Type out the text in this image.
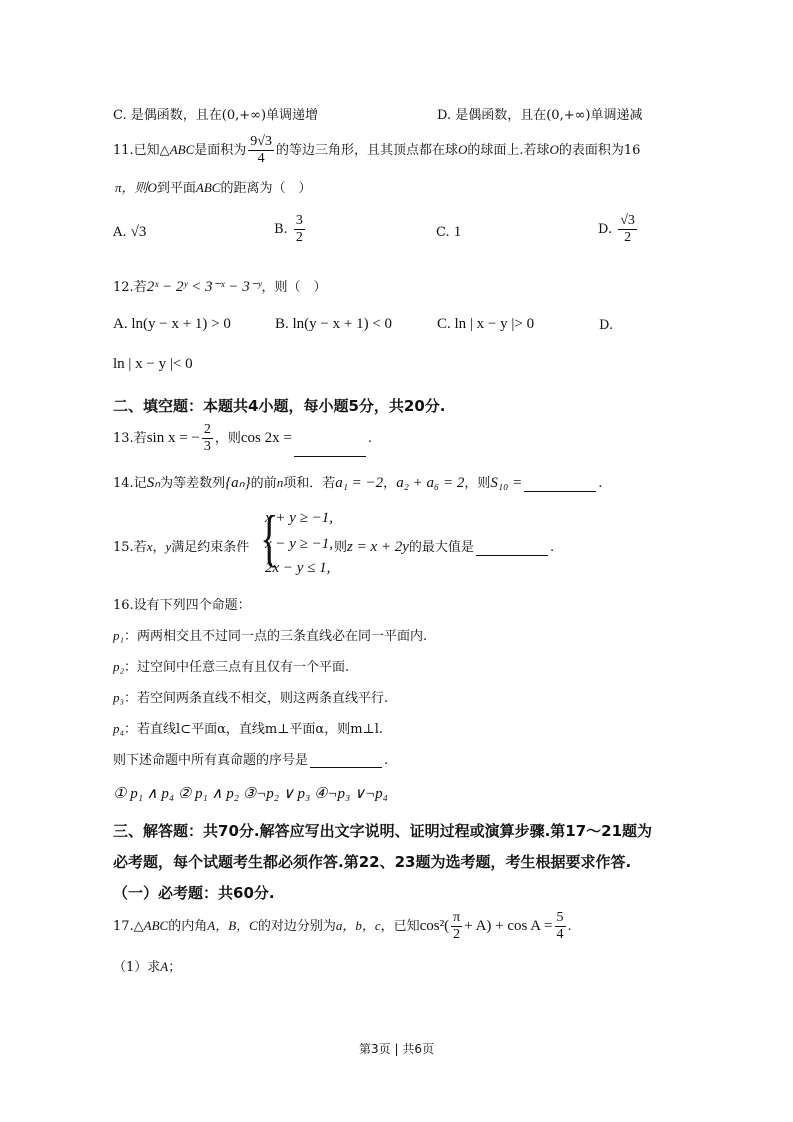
C. 是偶函数，且在(0,+∞)单调递增	D. 是偶函数，且在(0,+∞)单调递减
11.已知△ABC是面积为 $\frac{9√3}{4}$ 的等边三角形，且其顶点都在球O的球面上.若球O的表面积为16
π，则O到平面ABC的距离为（　）
A. √3	B. $\frac{3}{2}$	C. 1	D. $\frac{√3}{2}$
12.若2ˣ − 2ʸ < 3⁻ˣ − 3⁻ʸ，则（　）
A. ln(y − x + 1) > 0	B. ln(y − x + 1) < 0	C. ln | x − y |> 0	D.
ln | x − y |< 0
二、填空题：本题共4小题，每小题5分，共20分.
13.若sin x = − $\frac{2}{3}$ ，则cos 2x =	.
14.记Sₙ为等差数列{aₙ}的前n项和．若a₁ = −2，a₂ + a₆ = 2，则S₁₀ =	.
15.若x，y满足约束条件 {
x + y ≥ −1,
x − y ≥ −1,
2x − y ≤ 1,
则z = x + 2y的最大值是	.
16.设有下列四个命题：
p₁：两两相交且不过同一点的三条直线必在同一平面内.
p₂：过空间中任意三点有且仅有一个平面.
p₃：若空间两条直线不相交，则这两条直线平行.
p₄：若直线l⊂平面α，直线m⊥平面α，则m⊥l.
则下述命题中所有真命题的序号是	.
① p₁ ∧ p₄ ② p₁ ∧ p₂ ③¬p₂ ∨ p₃ ④¬p₃ ∨¬p₄
三、解答题：共70分.解答应写出文字说明、证明过程或演算步骤.第17～21题为
必考题，每个试题考生都必须作答.第22、23题为选考题，考生根据要求作答.
（一）必考题：共60分.
17.△ABC的内角A，B，C的对边分别为a，b，c，已知$\cos^2( \frac{\pi}{2} + A) + \cos A = \frac{5}{4}$ .
（1）求A；
第3页 | 共6页
